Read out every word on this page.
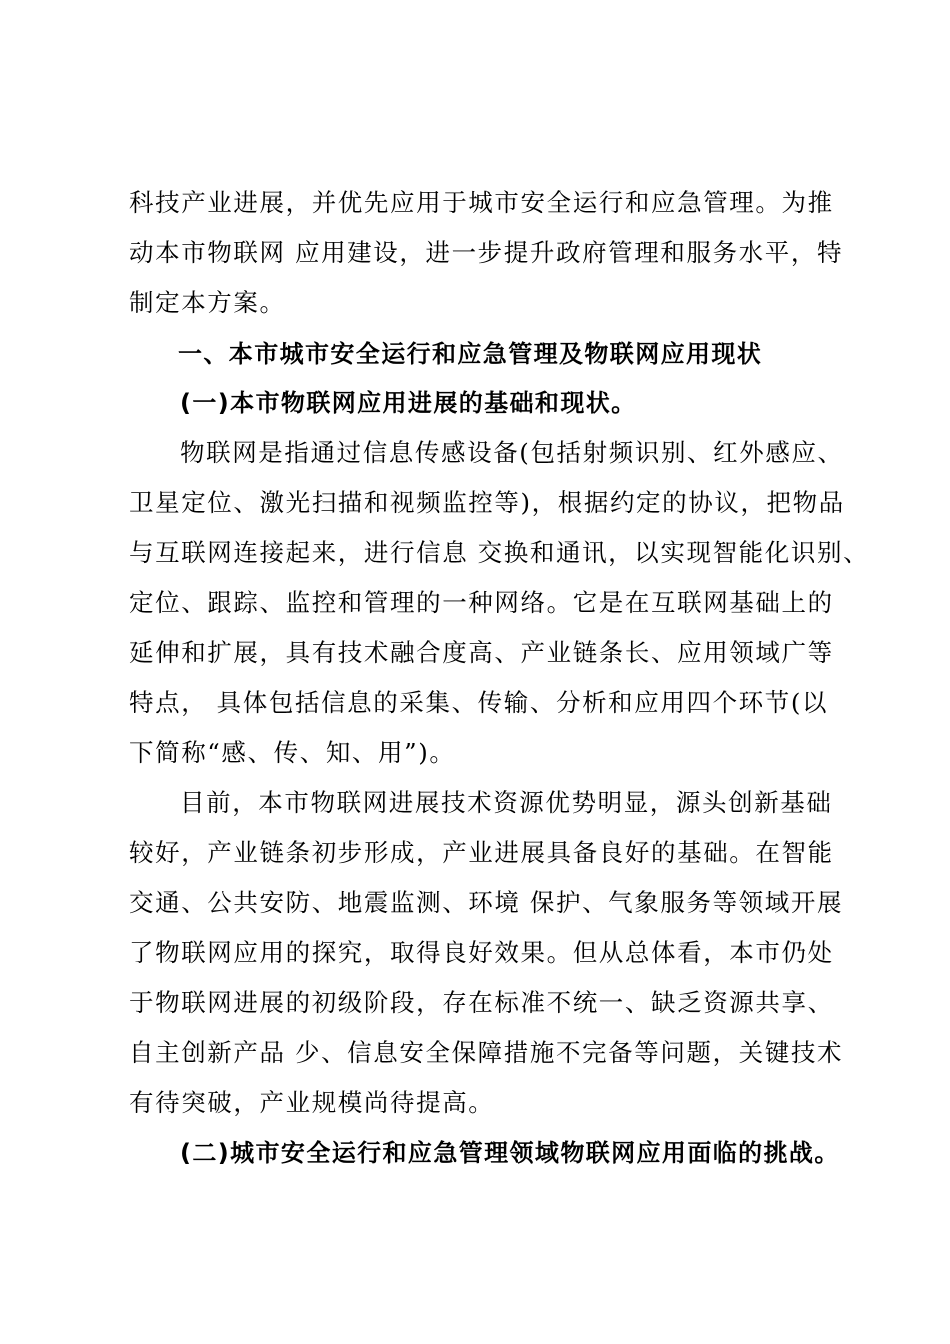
科技产业进展，并优先应用于城市安全运行和应急管理。为推
动本市物联网 应用建设，进一步提升政府管理和服务水平，特
制定本方案。
一、本市城市安全运行和应急管理及物联网应用现状
(一)本市物联网应用进展的基础和现状。
物联网是指通过信息传感设备(包括射频识别、红外感应、
卫星定位、激光扫描和视频监控等)，根据约定的协议，把物品
与互联网连接起来，进行信息 交换和通讯，以实现智能化识别、
定位、跟踪、监控和管理的一种网络。它是在互联网基础上的
延伸和扩展，具有技术融合度高、产业链条长、应用领域广等
特点， 具体包括信息的采集、传输、分析和应用四个环节(以
下简称“感、传、知、用”)。
目前，本市物联网进展技术资源优势明显，源头创新基础
较好，产业链条初步形成，产业进展具备良好的基础。在智能
交通、公共安防、地震监测、环境 保护、气象服务等领域开展
了物联网应用的探究，取得良好效果。但从总体看，本市仍处
于物联网进展的初级阶段，存在标准不统一、缺乏资源共享、
自主创新产品 少、信息安全保障措施不完备等问题，关键技术
有待突破，产业规模尚待提高。
(二)城市安全运行和应急管理领域物联网应用面临的挑战。
